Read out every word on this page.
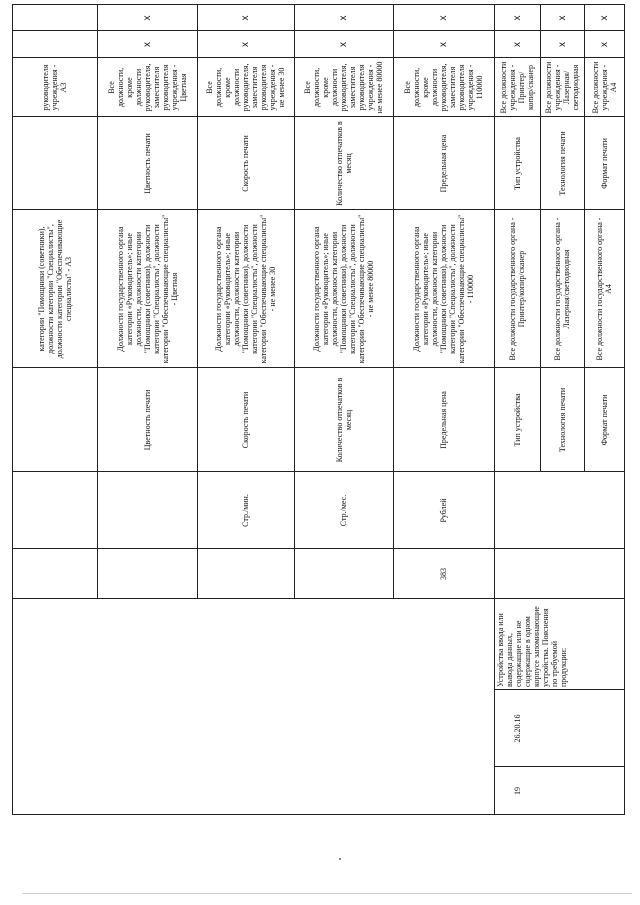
категории "Помощники (советники), должности категории "Специалисты", должности категории "Обеспечивающие специалисты" - А3
руководителя учреждения - А3
Цветность печати
Должности государственного органа категории «Руководитель»; иные должности, должности категории "Помощники (советники), должности категории "Специалисты", должности категории "Обеспечивающие специалисты" - Цветная
Цветность печати
Все должности, кроме должности руководителя, заместителя руководителя учреждения - Цветная
х
х
Стр./мин.
Скорость печати
Должности государственного органа категории «Руководитель»; иные должности, должности категории "Помощники (советники), должности категории "Специалисты", должности категории "Обеспечивающие специалисты" - не менее 30
Скорость печати
Все должности, кроме должности руководителя, заместителя руководителя учреждения - не менее 30
х
х
Стр./мес.
Количество отпечатков в месяц
Должности государственного органа категории «Руководитель»; иные должности, должности категории "Помощники (советники), должности категории "Специалисты", должности категории "Обеспечивающие специалисты" - не менее 80000
Количество отпечатков в месяц
Все должности, кроме должности руководителя, заместителя руководителя учреждения - не менее 80000
х
х
383
Рублей
Предельная цена
Должности государственного органа категории «Руководитель»; иные должности, должности категории "Помощники (советники), должности категории "Специалисты", должности категории "Обеспечивающие специалисты" - 110000
Предельная цена
Все должности, кроме должности руководителя, заместителя руководителя учреждения - 110000
х
х
19
26.20.16
Устройства ввода или вывода данных, содержащие или не содержащие в одном корпусе запоминающие устройства. Пояснения по требуемой продукции:
Тип устройства
Все должности государственного органа - Принтер/копир/сканер
Тип устройства
Все должности учреждения - Принтер/копир/сканер
х
х
Технология печати
Все должности государственного органа - Лазерная/светодиодная
Технология печати
Все должности учреждения - Лазерная/светодиодная
х
х
Формат печати
Все должности государственного органа - А4
Формат печати
Все должности учреждения - А4
х
х
